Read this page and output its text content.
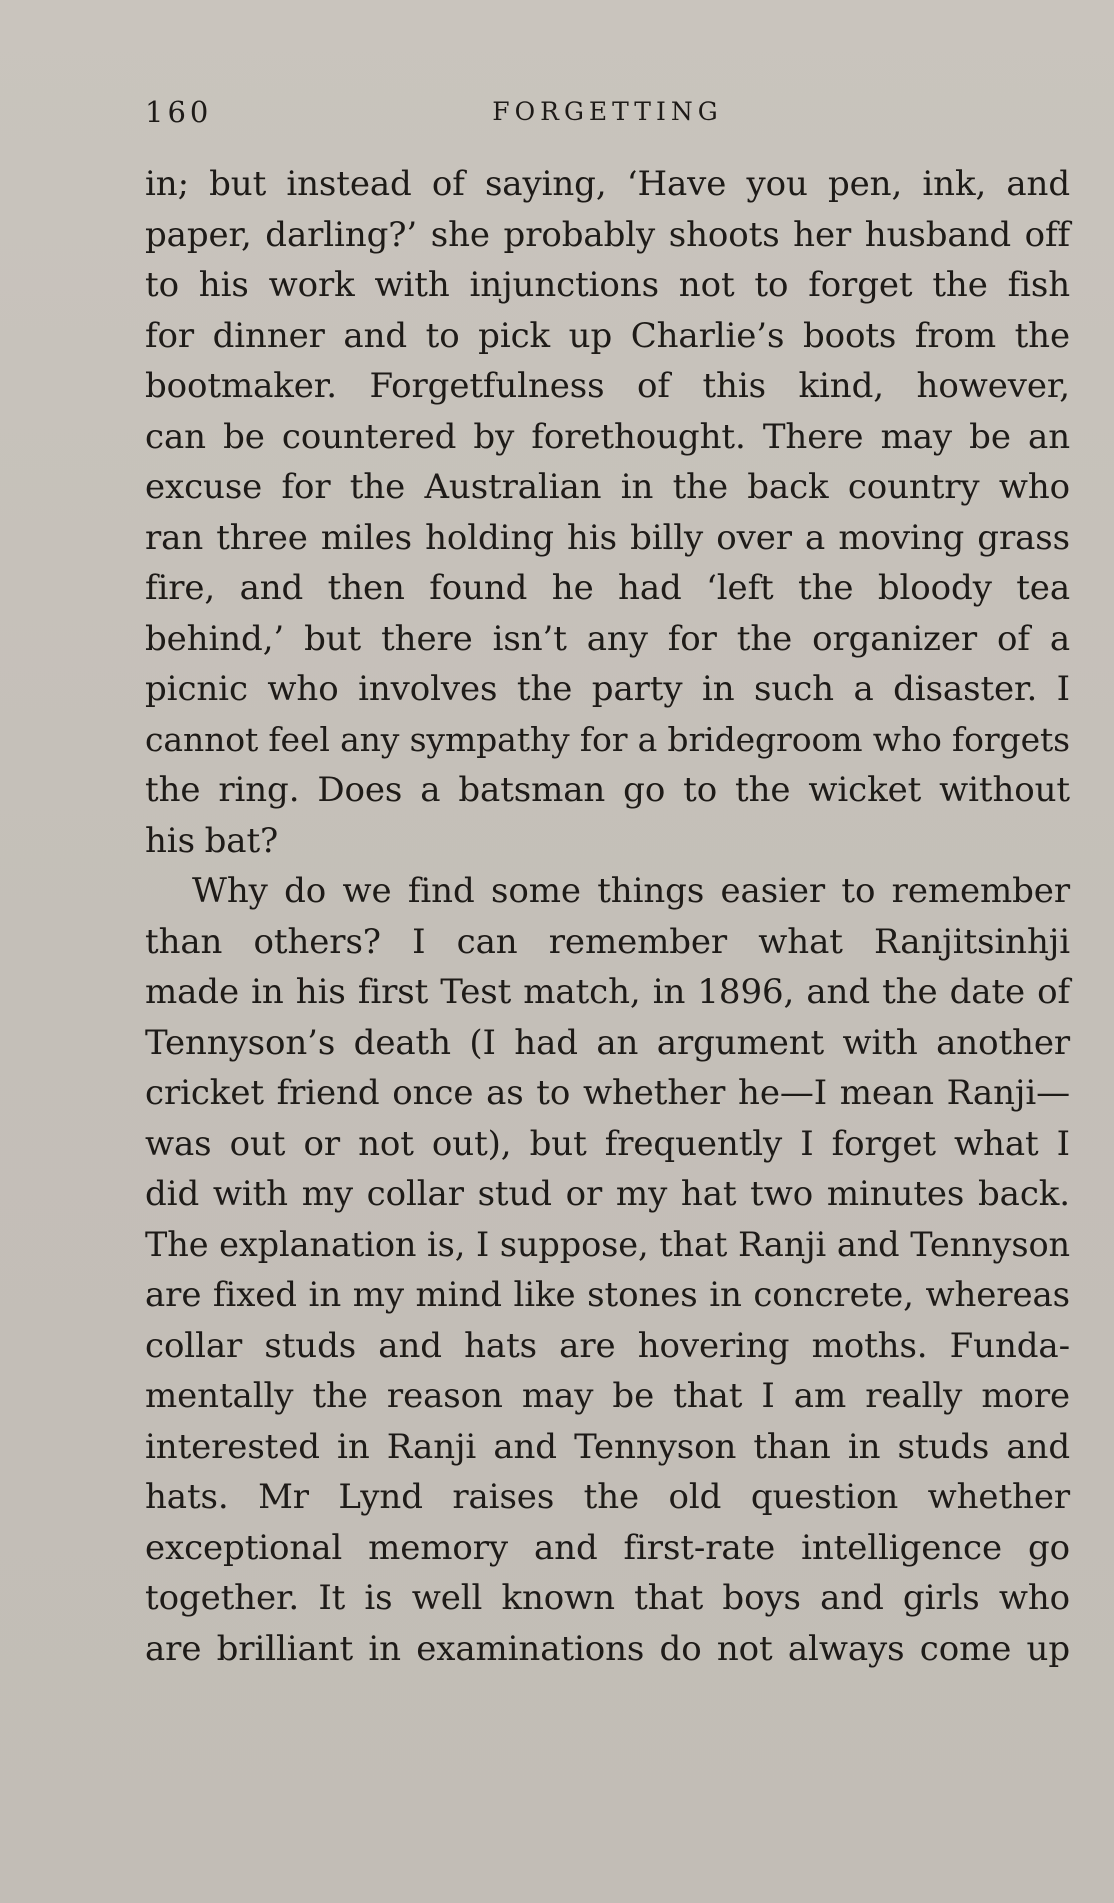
160	FORGETTING
in; but instead of saying, ‘Have you pen, ink, and
paper, darling?’ she probably shoots her husband off
to his work with injunctions not to forget the fish
for dinner and to pick up Charlie’s boots from the
bootmaker. Forgetfulness of this kind, however,
can be countered by forethought. There may be an
excuse for the Australian in the back country who
ran three miles holding his billy over a moving grass
fire, and then found he had ‘left the bloody tea
behind,’ but there isn’t any for the organizer of a
picnic who involves the party in such a disaster. I
cannot feel any sympathy for a bridegroom who forgets
the ring. Does a batsman go to the wicket without
his bat?
Why do we find some things easier to remember
than others? I can remember what Ranjitsinhji
made in his first Test match, in 1896, and the date of
Tennyson’s death (I had an argument with another
cricket friend once as to whether he—I mean Ranji—
was out or not out), but frequently I forget what I
did with my collar stud or my hat two minutes back.
The explanation is, I suppose, that Ranji and Tennyson
are fixed in my mind like stones in concrete, whereas
collar studs and hats are hovering moths. Funda-
mentally the reason may be that I am really more
interested in Ranji and Tennyson than in studs and
hats. Mr Lynd raises the old question whether
exceptional memory and first-rate intelligence go
together. It is well known that boys and girls who
are brilliant in examinations do not always come up
